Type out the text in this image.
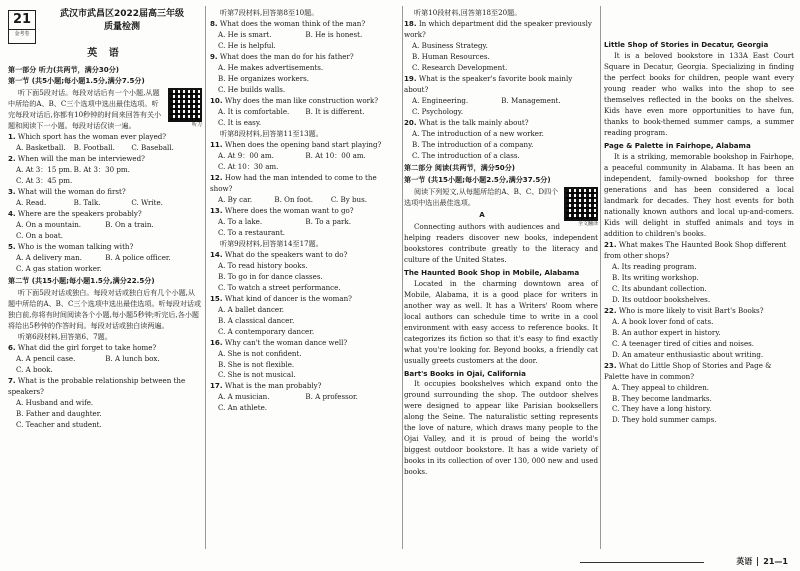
21
金考卷
武汉市武昌区2022届高三年级
质量检测
英 语
第一部分 听力(共两节，满分30分)
第一节 (共5小题;每小题1.5分,满分7.5分)
听力

听下面5段对话。每段对话后有一个小题,从题中所给的A、B、C三个选项中选出最佳选项。听完每段对话后,你都有10秒钟的时间来回答有关小题和阅读下一小题。每段对话仅读一遍。

1. Which sport has the woman ever played?

A. Basketball. B. Football. C. Baseball.

2. When will the man be interviewed?

A. At 3：15 pm. B. At 3：30 pm.

C. At 3：45 pm.

3. What will the woman do first?

A. Read.	B. Talk.	C. Write.

4. Where are the speakers probably?

A. On a mountain.	B. On a train.

C. On a boat.

5. Who is the woman talking with?

A. A delivery man.	B. A police officer.

C. A gas station worker.

第二节 (共15小题;每小题1.5分,满分22.5分)

听下面5段对话或独白。每段对话或独白后有几个小题,从题中所给的A、B、C三个选项中选出最佳选项。听每段对话或独白前,你将有时间阅读各个小题,每小题5秒钟;听完后,各小题将给出5秒钟的作答时间。每段对话或独白读两遍。

听第6段材料,回答第6、7题。

6. What did the girl forget to take home?

A. A pencil case.	B. A lunch box.

C. A book.

7. What is the probable relationship between the speakers?

A. Husband and wife.

B. Father and daughter.

C. Teacher and student.

听第7段材料,回答第8至10题。

8. What does the woman think of the man?

A. He is smart.	B. He is honest.

C. He is helpful.

9. What does the man do for his father?

A. He makes advertisements.

B. He organizes workers.

C. He builds walls.

10. Why does the man like construction work?

A. It is comfortable. B. It is different.

C. It is easy.

听第8段材料,回答第11至13题。

11. When does the opening band start playing?

A. At 9：00 am.	B. At 10：00 am.

C. At 10：30 am.

12. How had the man intended to come to the show?

A. By car.	B. On foot.	C. By bus.

13. Where does the woman want to go?

A. To a lake.	B. To a park.

C. To a restaurant.

听第9段材料,回答第14至17题。

14. What do the speakers want to do?

A. To read history books.

B. To go in for dance classes.

C. To watch a street performance.

15. What kind of dancer is the woman?

A. A ballet dancer.

B. A classical dancer.

C. A contemporary dancer.

16. Why can't the woman dance well?

A. She is not confident.

B. She is not flexible.

C. She is not musical.

17. What is the man probably?

A. A musician.	B. A professor.

C. An athlete.

听第10段材料,回答第18至20题。

18. In which department did the speaker previously work?

A. Business Strategy.

B. Human Resources.

C. Research Development.

19. What is the speaker's favorite book mainly about?

A. Engineering.	B. Management.

C. Psychology.

20. What is the talk mainly about?

A. The introduction of a new worker.

B. The introduction of a company.

C. The introduction of a class.

第二部分 阅读(共两节，满分50分)
第一节 (共15小题;每小题2.5分,满分37.5分)
全文翻译

阅读下列短文,从每题所给的A、B、C、D四个选项中选出最佳选项。

A

Connecting authors with audiences and helping readers discover new books, independent bookstores contribute greatly to the literacy and culture of the United States.

The Haunted Book Shop in Mobile, Alabama

Located in the charming downtown area of Mobile, Alabama, it is a good place for writers in another way as well. It has a Writers' Room where local authors can schedule time to write in a cool environment with easy access to reference books. It categorizes its fiction so that it's easy to find exactly what you're looking for. Beyond books, a friendly cat usually greets customers at the door.

Bart's Books in Ojai, California

It occupies bookshelves which expand onto the ground surrounding the shop. The outdoor shelves were designed to appear like Parisian booksellers along the Seine. The naturalistic setting represents the love of nature, which draws many people to the Ojai Valley, and it is proud of being the world's biggest outdoor bookstore. It has a wide variety of books in its collection of over 130, 000 new and used books.

Little Shop of Stories in Decatur, Georgia

It is a beloved bookstore in 133A East Court Square in Decatur, Georgia. Specializing in finding the perfect books for children, people want every young reader who walks into the shop to see themselves reflected in the books on the shelves. Kids have even more opportunities to have fun, thanks to book-themed summer camps, a summer reading program.

Page & Palette in Fairhope, Alabama

It is a striking, memorable bookshop in Fairhope, a peaceful community in Alabama. It has been an independent, family-owned bookshop for three generations and has been considered a local landmark for decades. They host events for both nationally known authors and local up-and-comers. Kids will delight in stuffed animals and toys in addition to children's books.

21. What makes The Haunted Book Shop different from other shops?

A. Its reading program.

B. Its writing workshop.

C. Its abundant collection.

D. Its outdoor bookshelves.

22. Who is more likely to visit Bart's Books?

A. A book lover fond of cats.

B. An author expert in history.

C. A teenager tired of cities and noises.

D. An amateur enthusiastic about writing.

23. What do Little Shop of Stories and Page & Palette have in common?

A. They appeal to children.

B. They become landmarks.

C. They have a long history.

D. They hold summer camps.

英语 21—1
